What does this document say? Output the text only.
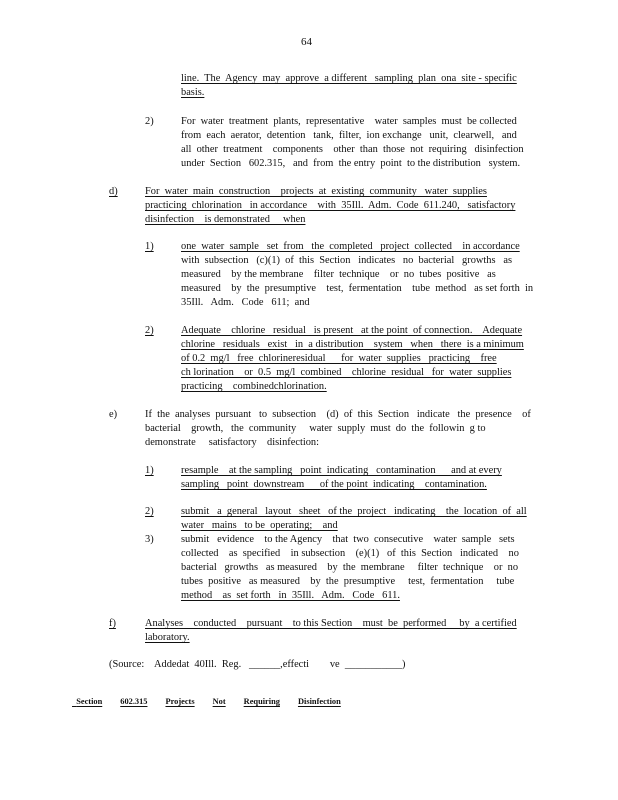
64
line.  The  Agency  may  approve  a different   sampling  plan  ona  site - specific
basis.
2)	For  water  treatment  plants,  representative    water  samples  must  be collected
from  each  aerator,  detention   tank,  filter,  ion exchange   unit,  clearwell,   and
all  other  treatment    components    other  than  those  not  requiring   disinfection
under  Section   602.315,   and  from  the entry  point  to the distribution   system.
d)	For  water  main  construction    projects  at  existing  community   water  supplies
practicing  chlorination   in accordance    with  35Ill.  Adm.  Code  611.240,   satisfactory
disinfection    is demonstrated     when
1)	one  water  sample   set  from   the  completed   project  collected    in accordance
with  subsection   (c)(1)  of  this  Section   indicates   no  bacterial   growths   as
measured    by the membrane    filter  technique    or  no  tubes  positive   as
measured    by  the  presumptive    test,  fermentation    tube  method   as set forth  in
35Ill.   Adm.   Code   611;  and
2)	Adequate    chlorine   residual   is present   at the point  of connection.    Adequate
chlorine   residuals   exist   in  a distribution    system   when   there  is a minimum
of 0.2  mg/l   free  chlorineresidual      for  water  supplies   practicing    free
ch lorination    or  0.5  mg/l  combined    chlorine  residual   for  water  supplies
practicing    combinedchlorination.
e)	If  the  analyses  pursuant   to  subsection    (d)  of  this  Section   indicate   the  presence    of
bacterial    growth,   the  community     water  supply  must  do  the  followin  g to
demonstrate     satisfactory    disinfection:
1)	resample    at the sampling   point  indicating   contamination      and at every
sampling   point  downstream      of the point  indicating    contamination.
2)	submit   a  general   layout   sheet   of the  project   indicating    the  location  of  all
water   mains   to be  operating;    and
3)	submit   evidence    to the Agency    that  two  consecutive    water  sample   sets
collected    as  specified    in subsection    (e)(1)   of  this  Section   indicated    no
bacterial   growths   as measured    by  the  membrane     filter  technique    or  no
tubes  positive   as measured    by  the  presumptive     test,  fermentation     tube
method    as  set forth   in  35Ill.   Adm.   Code   611.
f)	Analyses    conducted    pursuant    to this Section    must  be  performed     by  a certified
laboratory.
(Source:    Addedat  40Ill.  Reg.   ______,effecti        ve  ___________)

Section 602.315 Projects Not Requiring Disinfection
